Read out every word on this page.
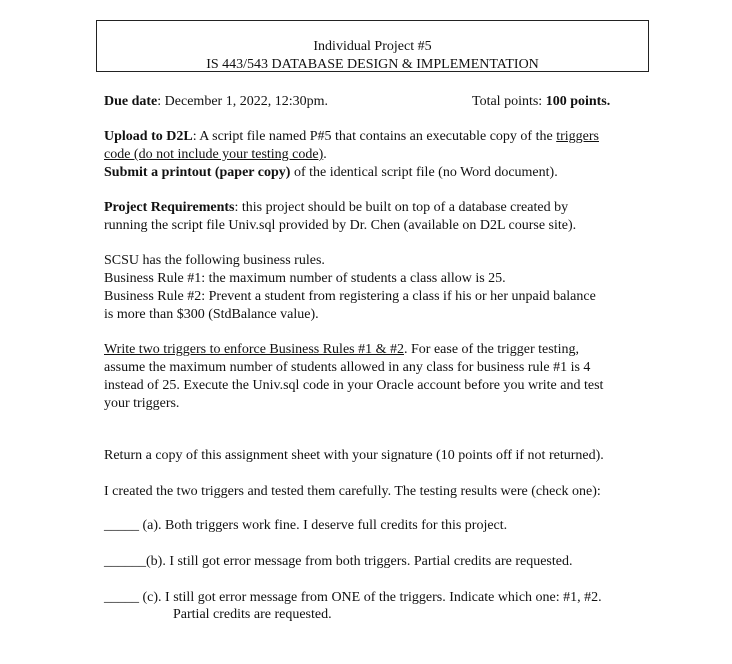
Individual Project #5
IS 443/543 DATABASE DESIGN & IMPLEMENTATION
Due date: December 1, 2022, 12:30pm.	Total points: 100 points.
Upload to D2L: A script file named P#5 that contains an executable copy of the triggers
code (do not include your testing code).
Submit a printout (paper copy) of the identical script file (no Word document).
Project Requirements: this project should be built on top of a database created by
running the script file Univ.sql provided by Dr. Chen (available on D2L course site).
SCSU has the following business rules.
Business Rule #1: the maximum number of students a class allow is 25.
Business Rule #2: Prevent a student from registering a class if his or her unpaid balance
is more than $300 (StdBalance value).
Write two triggers to enforce Business Rules #1 & #2. For ease of the trigger testing,
assume the maximum number of students allowed in any class for business rule #1 is 4
instead of 25. Execute the Univ.sql code in your Oracle account before you write and test
your triggers.
Return a copy of this assignment sheet with your signature (10 points off if not returned).
I created the two triggers and tested them carefully. The testing results were (check one):
_____ (a). Both triggers work fine. I deserve full credits for this project.
______(b). I still got error message from both triggers. Partial credits are requested.
_____ (c). I still got error message from ONE of the triggers. Indicate which one: #1, #2.
Partial credits are requested.
